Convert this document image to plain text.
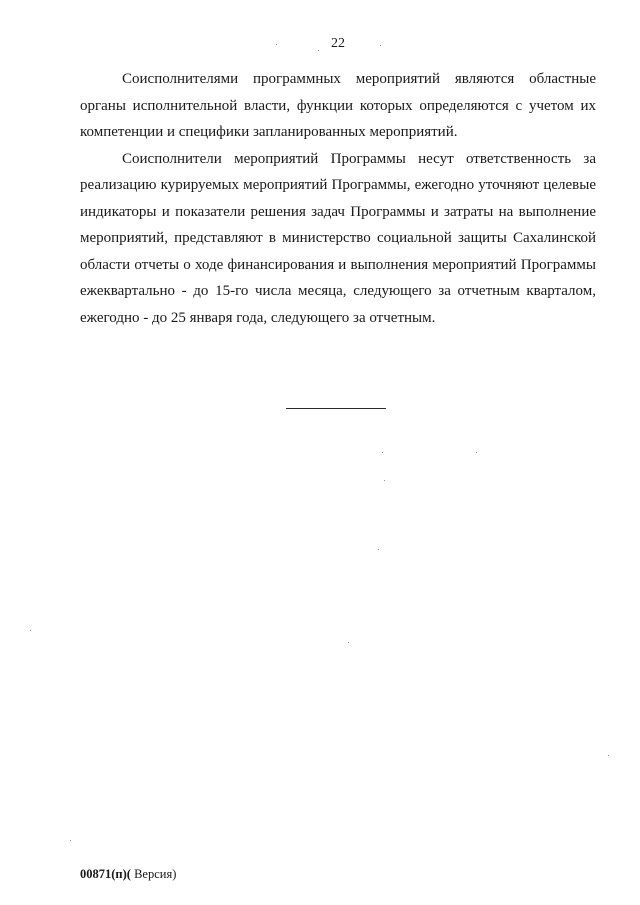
22

Соисполнителями программных мероприятий являются областные органы исполнительной власти, функции которых определяются с учетом их компетенции и специфики запланированных мероприятий.

Соисполнители мероприятий Программы несут ответственность за реализацию курируемых мероприятий Программы, ежегодно уточняют целевые индикаторы и показатели решения задач Программы и затраты на выполнение мероприятий, представляют в министерство социальной защиты Сахалинской области отчеты о ходе финансирования и выполнения мероприятий Программы ежеквартально - до 15-го числа месяца, следующего за отчетным кварталом, ежегодно - до 25 января года, следующего за отчетным.

00871(п)( Версия)
